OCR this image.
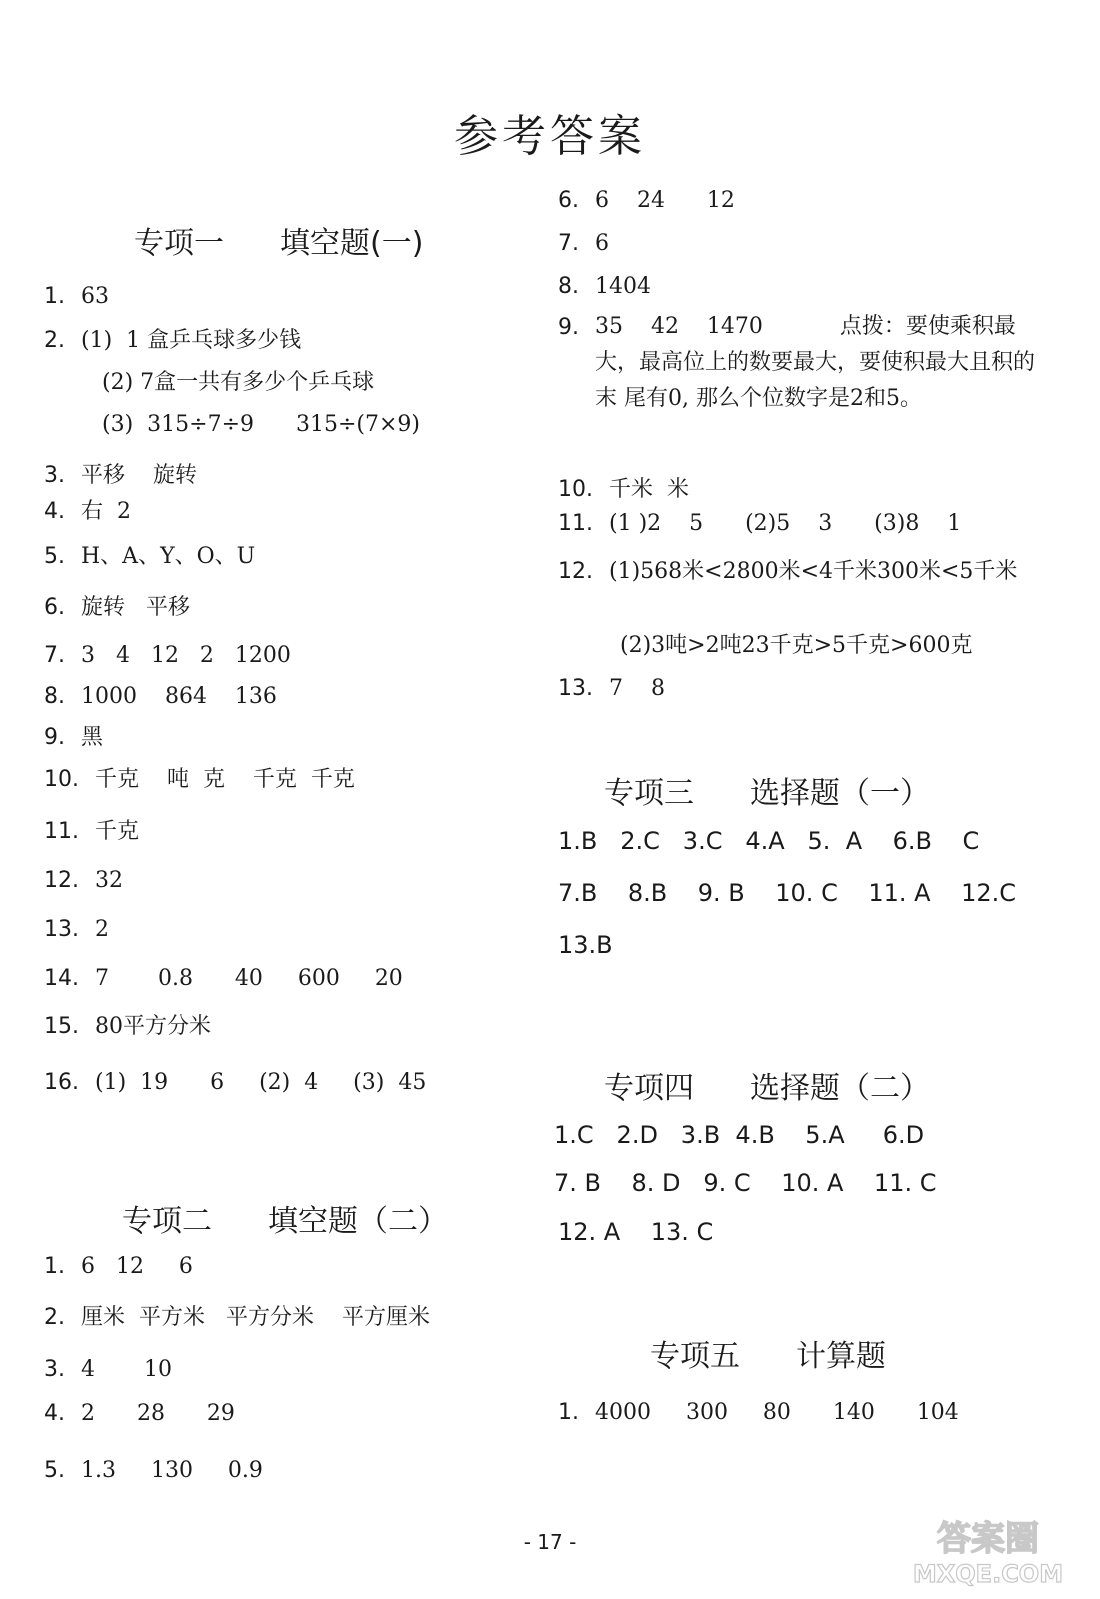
参考答案
专项一 填空题(一)
1. 63
2. (1)  1 盒乒乓球多少钱
(2) 7盒一共有多少个乒乓球
(3)  315÷7÷9      315÷(7×9)
3. 平移    旋转
4. 右  2
5. H、A、Y、O、U
6. 旋转   平移
7. 3   4   12   2   1200
8. 1000    864    136
9. 黑
10. 千克    吨  克    千克  千克
11. 千克
12. 32
13. 2
14. 7       0.8      40     600     20
15. 80平方分米
16. (1)  19      6     (2)  4     (3)  45
专项二 填空题（二）
1. 6   12     6
2. 厘米  平方米   平方分米    平方厘米
3. 4       10
4. 2      28      29
5. 1.3     130     0.9
6. 6    24      12
7. 6
8. 1404
9. 35    42    1470           点拨：要使乘积最大，最高位上的数要最大，要使积最大且积的末 尾有0, 那么个位数字是2和5。
10. 千米  米
11. (1 )2    5      (2)5    3      (3)8    1
12. (1)568米<2800米<4千米300米<5千米
(2)3吨>2吨23千克>5千克>600克
13. 7    8
专项三 选择题（一）
1.B   2.C   3.C   4.A   5.  A    6.B    C
7.B    8.B    9. B    10. C    11. A    12.C
13.B
专项四 选择题（二）
1.C   2.D   3.B  4.B    5.A     6.D
7. B    8. D   9. C    10. A    11. C
12. A    13. C
专项五 计算题
1. 4000     300     80      140      104
- 17 -	答案圈
MXQE.COM
